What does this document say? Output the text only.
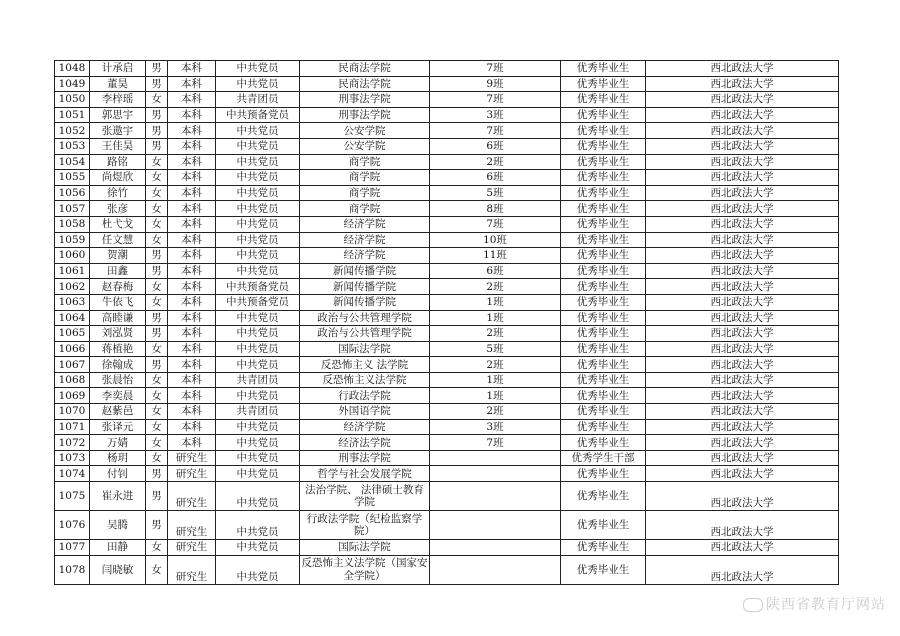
1048	计承启	男	本科	中共党员	民商法学院	7班	优秀毕业生	西北政法大学
1049	董昊	男	本科	中共党员	民商法学院	9班	优秀毕业生	西北政法大学
1050	李梓瑶	女	本科	共青团员	刑事法学院	7班	优秀毕业生	西北政法大学
1051	郭思宇	男	本科	中共预备党员	刑事法学院	3班	优秀毕业生	西北政法大学
1052	张遨宇	男	本科	中共党员	公安学院	7班	优秀毕业生	西北政法大学
1053	王佳昊	男	本科	中共党员	公安学院	6班	优秀毕业生	西北政法大学
1054	路铭	女	本科	中共党员	商学院	2班	优秀毕业生	西北政法大学
1055	尚煜欣	女	本科	中共党员	商学院	6班	优秀毕业生	西北政法大学
1056	徐竹	女	本科	中共党员	商学院	5班	优秀毕业生	西北政法大学
1057	张彦	女	本科	中共党员	商学院	8班	优秀毕业生	西北政法大学
1058	杜弋戈	女	本科	中共党员	经济学院	7班	优秀毕业生	西北政法大学
1059	任文慧	女	本科	中共党员	经济学院	10班	优秀毕业生	西北政法大学
1060	贺潮	男	本科	中共党员	经济学院	11班	优秀毕业生	西北政法大学
1061	田鑫	男	本科	中共党员	新闻传播学院	6班	优秀毕业生	西北政法大学
1062	赵春梅	女	本科	中共预备党员	新闻传播学院	2班	优秀毕业生	西北政法大学
1063	牛依飞	女	本科	中共预备党员	新闻传播学院	1班	优秀毕业生	西北政法大学
1064	高睦谦	男	本科	中共党员	政治与公共管理学院	1班	优秀毕业生	西北政法大学
1065	刘泓贤	男	本科	中共党员	政治与公共管理学院	2班	优秀毕业生	西北政法大学
1066	蒋植艳	女	本科	中共党员	国际法学院	5班	优秀毕业生	西北政法大学
1067	徐翰成	男	本科	中共党员	反恐怖主义 法学院	2班	优秀毕业生	西北政法大学
1068	张晨怡	女	本科	共青团员	反恐怖主义法学院	1班	优秀毕业生	西北政法大学
1069	李奕晨	女	本科	中共党员	行政法学院	1班	优秀毕业生	西北政法大学
1070	赵紫邑	女	本科	共青团员	外国语学院	2班	优秀毕业生	西北政法大学
1071	张译元	女	本科	中共党员	经济学院	3班	优秀毕业生	西北政法大学
1072	万婧	女	本科	中共党员	经济法学院	7班	优秀毕业生	西北政法大学
1073	杨玥	女	研究生	中共党员	刑事法学院		优秀学生干部	西北政法大学
1074	付钊	男	研究生	中共党员	哲学与社会发展学院		优秀毕业生	西北政法大学
1075	崔永进	男	研究生	中共党员	法治学院、 法律硕士教育学院		优秀毕业生	西北政法大学
1076	吴腾	男	研究生	中共党员	行政法学院（纪检监察学院）		优秀毕业生	西北政法大学
1077	田静	女	研究生	中共党员	国际法学院		优秀毕业生	西北政法大学
1078	闫晓敏	女	研究生	中共党员	反恐怖主义法学院（国家安全学院）		优秀毕业生	西北政法大学
陕西省教育厅网站
